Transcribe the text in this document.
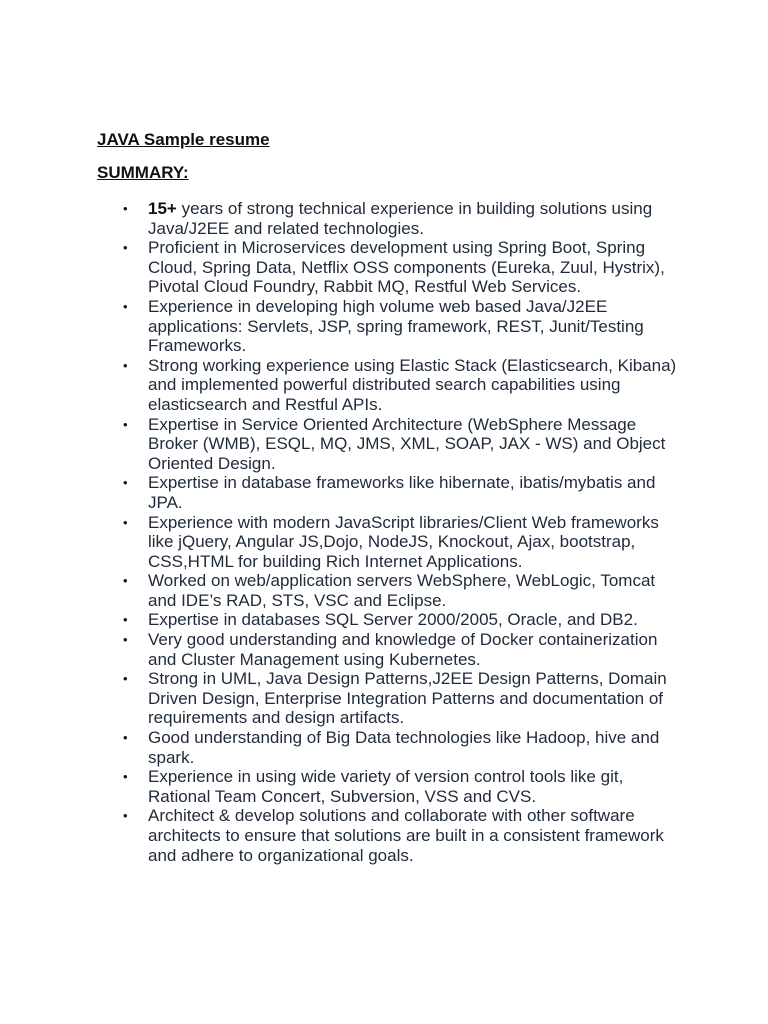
JAVA Sample resume
SUMMARY:
•	15+ years of strong technical experience in building solutions using Java/J2EE and related technologies.
•	Proficient in Microservices development using Spring Boot, Spring Cloud, Spring Data, Netflix OSS components (Eureka, Zuul, Hystrix), Pivotal Cloud Foundry, Rabbit MQ, Restful Web Services.
•	Experience in developing high volume web based Java/J2EE applications: Servlets, JSP, spring framework, REST, Junit/Testing Frameworks.
•	Strong working experience using Elastic Stack (Elasticsearch, Kibana) and implemented powerful distributed search capabilities using elasticsearch and Restful APIs.
•	Expertise in Service Oriented Architecture (WebSphere Message Broker (WMB), ESQL, MQ, JMS, XML, SOAP, JAX - WS) and Object Oriented Design.
•	Expertise in database frameworks like hibernate, ibatis/mybatis and JPA.
•	Experience with modern JavaScript libraries/Client Web frameworks like jQuery, Angular JS,Dojo, NodeJS, Knockout, Ajax, bootstrap, CSS,HTML for building Rich Internet Applications.
•	Worked on web/application servers WebSphere, WebLogic, Tomcat and IDE’s RAD, STS, VSC and Eclipse.
•	Expertise in databases SQL Server 2000/2005, Oracle, and DB2.
•	Very good understanding and knowledge of Docker containerization and Cluster Management using Kubernetes.
•	Strong in UML, Java Design Patterns,J2EE Design Patterns, Domain Driven Design, Enterprise Integration Patterns and documentation of requirements and design artifacts.
•	Good understanding of Big Data technologies like Hadoop, hive and spark.
•	Experience in using wide variety of version control tools like git, Rational Team Concert, Subversion, VSS and CVS.
•	Architect & develop solutions and collaborate with other software architects to ensure that solutions are built in a consistent framework and adhere to organizational goals.
